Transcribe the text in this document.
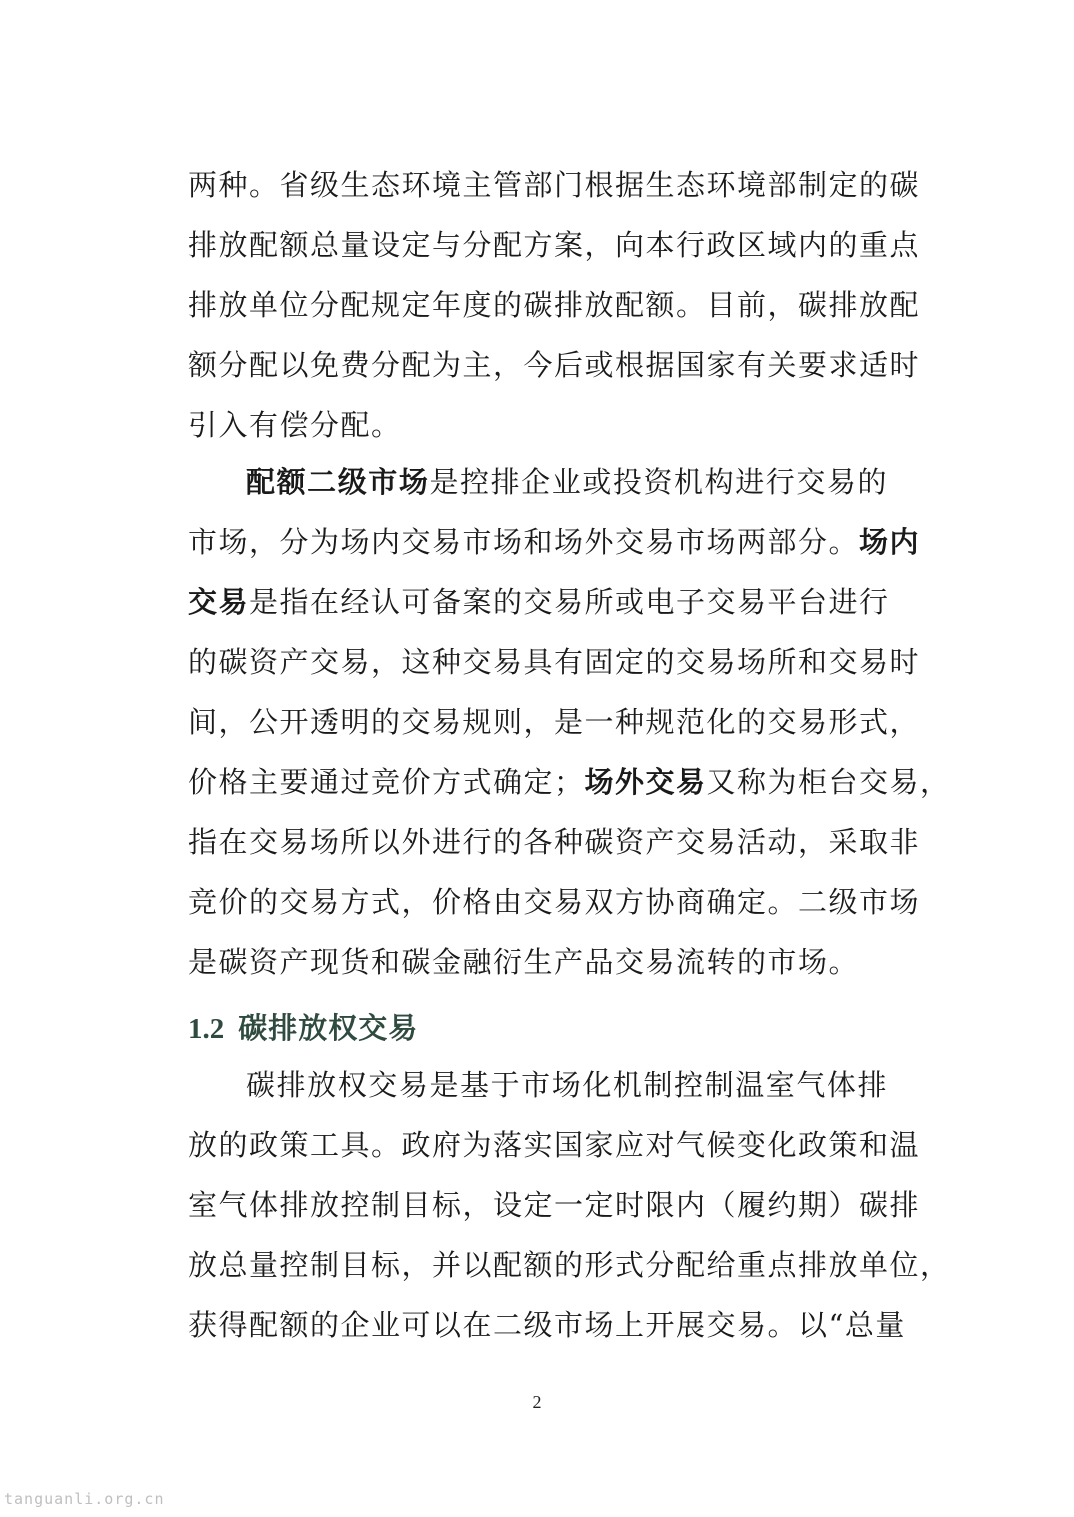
两种。省级生态环境主管部门根据生态环境部制定的碳
排放配额总量设定与分配方案，向本行政区域内的重点
排放单位分配规定年度的碳排放配额。目前，碳排放配
额分配以免费分配为主，今后或根据国家有关要求适时
引入有偿分配。
配额二级市场是控排企业或投资机构进行交易的
市场，分为场内交易市场和场外交易市场两部分。场内
交易是指在经认可备案的交易所或电子交易平台进行
的碳资产交易，这种交易具有固定的交易场所和交易时
间，公开透明的交易规则，是一种规范化的交易形式，
价格主要通过竞价方式确定；场外交易又称为柜台交易，
指在交易场所以外进行的各种碳资产交易活动，采取非
竞价的交易方式，价格由交易双方协商确定。二级市场
是碳资产现货和碳金融衍生产品交易流转的市场。
1.2 碳排放权交易
碳排放权交易是基于市场化机制控制温室气体排
放的政策工具。政府为落实国家应对气候变化政策和温
室气体排放控制目标，设定一定时限内（履约期）碳排
放总量控制目标，并以配额的形式分配给重点排放单位，
获得配额的企业可以在二级市场上开展交易。以“总量
2
tanguanli.org.cn
